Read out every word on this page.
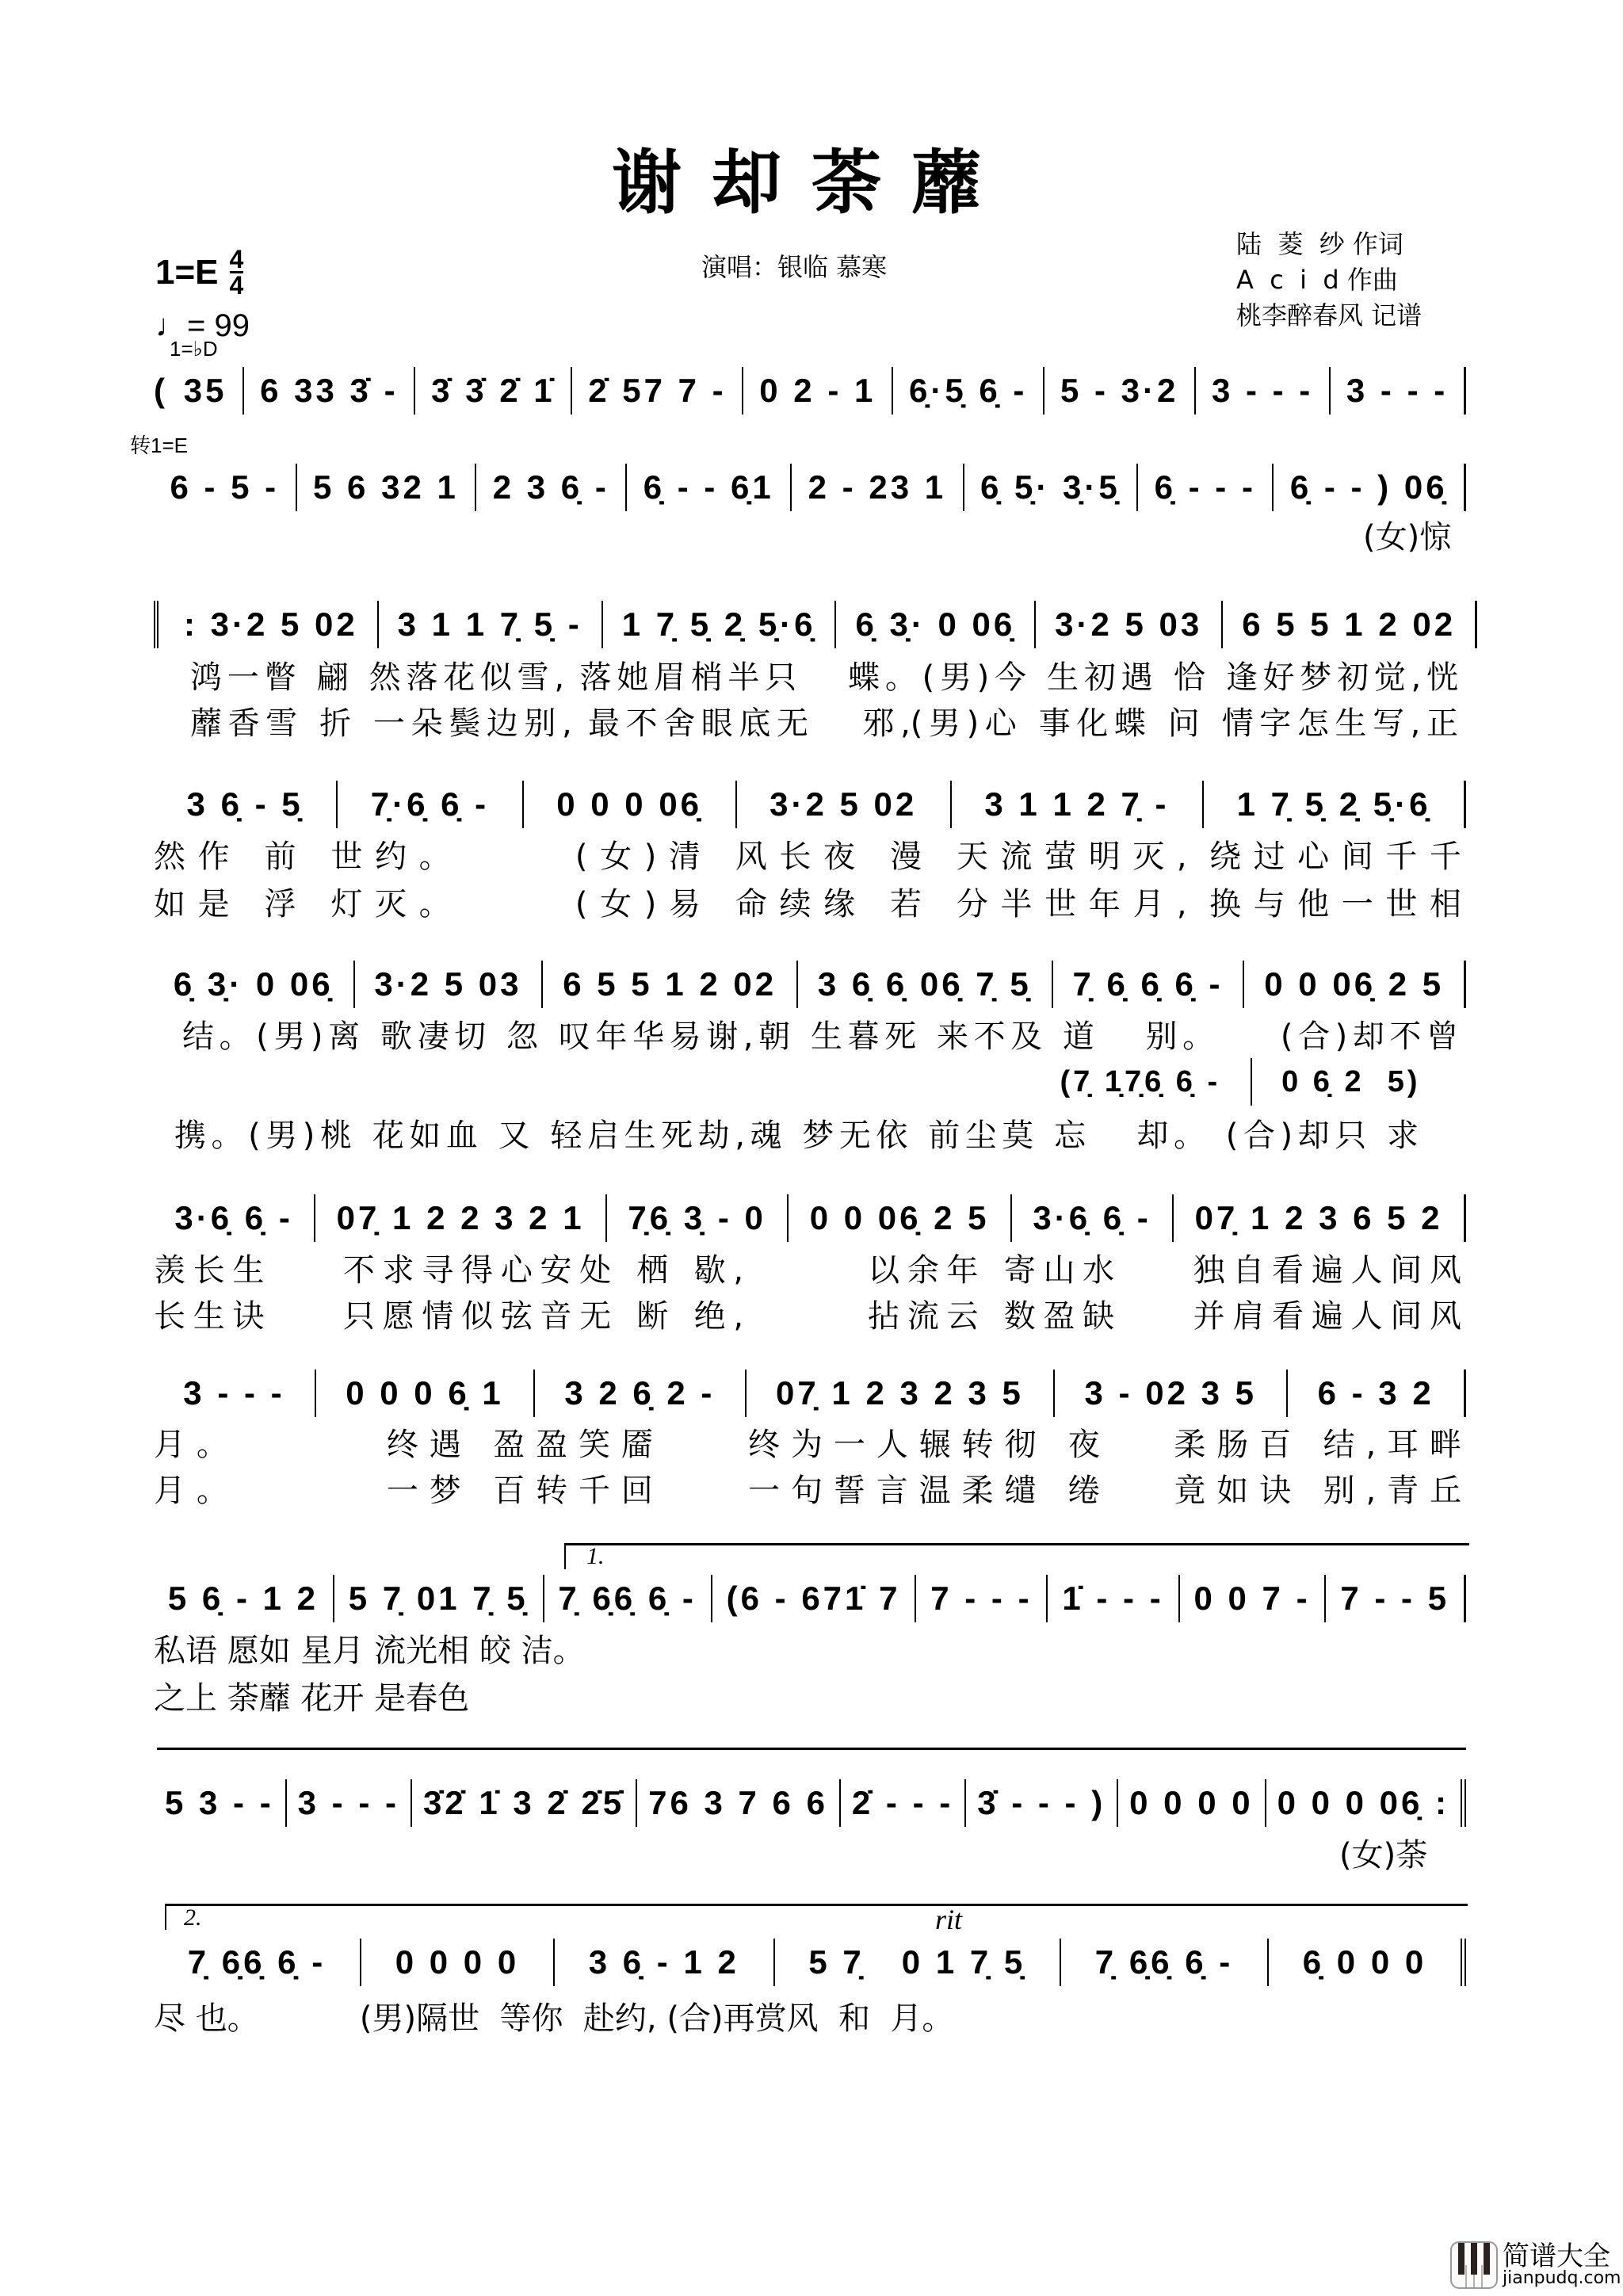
谢却荼蘼
$1=E \frac{4}{4}$
♩= 99
演唱：银临 慕寒
陆  菱  纱 作词
A  c  i  d 作曲
桃李醉春风 记谱
1=♭D
( 35 6 33 3̇ - 3̇ 3̇ 2̇ 1̇ 2̇ 57 7 - 0 2 - 1 6̣·5̣ 6̣ - 5 - 3·2 3 - - - 3 - - -
转1=E
6 - 5 -	5 6 32 1	2 3 6̣ -	6̣ - - 6̣1	2 - 23 1	6̣ 5̣· 3̣·5̣	6̣ - - -	6̣ - - ) 06̣
: 3·2 5 02	3 1 1 7̣ 5̣ -	1 7̣ 5̣ 2̣ 5̣·6̣	6̣ 3̣· 0 06̣	3·2 5 03	6 5 5 1 2 02
3 6̣ - 5̣	7̣·6̣ 6̣ -	0 0 0 06̣	3·2 5 02	3 1 1 2 7̣ -	1 7̣ 5̣ 2̣ 5̣·6̣
6̣ 3̣· 0 06̣	3·2 5 03	6 5 5 1 2 02	3 6̣ 6̣ 06̣ 7̣ 5̣	7̣ 6̣ 6̣ 6̣ -	0 0 06̣ 2 5
3·6̣ 6̣ -	07̣ 1 2 2 3 2 1	7̣6̣ 3̣ - 0	0 0 06̣ 2 5	3·6̣ 6̣ -	07̣ 1 2 3 6 5 2
3 - - -	0 0 0 6̣ 1	3 2 6̣ 2 -	07̣ 1 2 3 2 3 5	3 - 02 3 5	6 - 3 2
5 6̣ - 1 2 5 7̣ 01 7̣ 5̣ 7̣ 6̣6̣ 6̣ - (6 - 671̇ 7 7 - - - 1̇ - - - 0 0 7 - 7 - - 5
5 3 - - 3 - - - 3̇2̇ 1̇ 3 2̇ 2̇5̇ 76 3 7 6 6 2̇ - - - 3̇ - - - ) 0 0 0 0 0 0 0 06̣ :
7̣ 6̣6̣ 6̣ -	0 0 0 0	3 6̣ - 1 2	5 7̣   0 1 7̣ 5̣	7̣ 6̣6̣ 6̣ -	6̣ 0 0 0
(女)惊
鸿一瞥 翩 然落花似雪, 落她眉梢半只   蝶。(男)今 生初遇 恰 逢好梦初觉,恍
蘼香雪 折 一朵鬓边别, 最不舍眼底无   邪,(男)心 事化蝶 问 情字怎生写,正
然作 前 世约。     (女)清 风长夜 漫 天流萤明灭, 绕过心间千千
如是 浮 灯灭。     (女)易 命续缘 若 分半世年月, 换与他一世相
结。(男)离 歌凄切 忽 叹年华易谢,朝 生暮死 来不及 道   别。    (合)却不曾
携。(男)桃 花如血 又 轻启生死劫,魂 梦无依 前尘莫 忘   却。 (合)却只 求
羡长生    不求寻得心安处 栖 歇,       以余年 寄山水    独自看遍人间风
长生诀    只愿情似弦音无 断 绝,       拈流云 数盈缺    并肩看遍人间风
月。       终遇 盈盈笑靥    终为一人辗转彻 夜   柔肠百 结,耳畔
月。       一梦 百转千回    一句誓言温柔缱 绻   竟如诀 别,青丘
私语 愿如 星月 流光相 皎 洁。
之上 荼蘼 花开 是春色
(女)荼
尽 也。          (男)隔世  等你  赴约, (合)再赏风  和  月。
1.
2.	rit
(7̣ 1̣7̣6̣ 6̣ -	0 6̣ 2  5)
简谱大全
jianpudq.com
